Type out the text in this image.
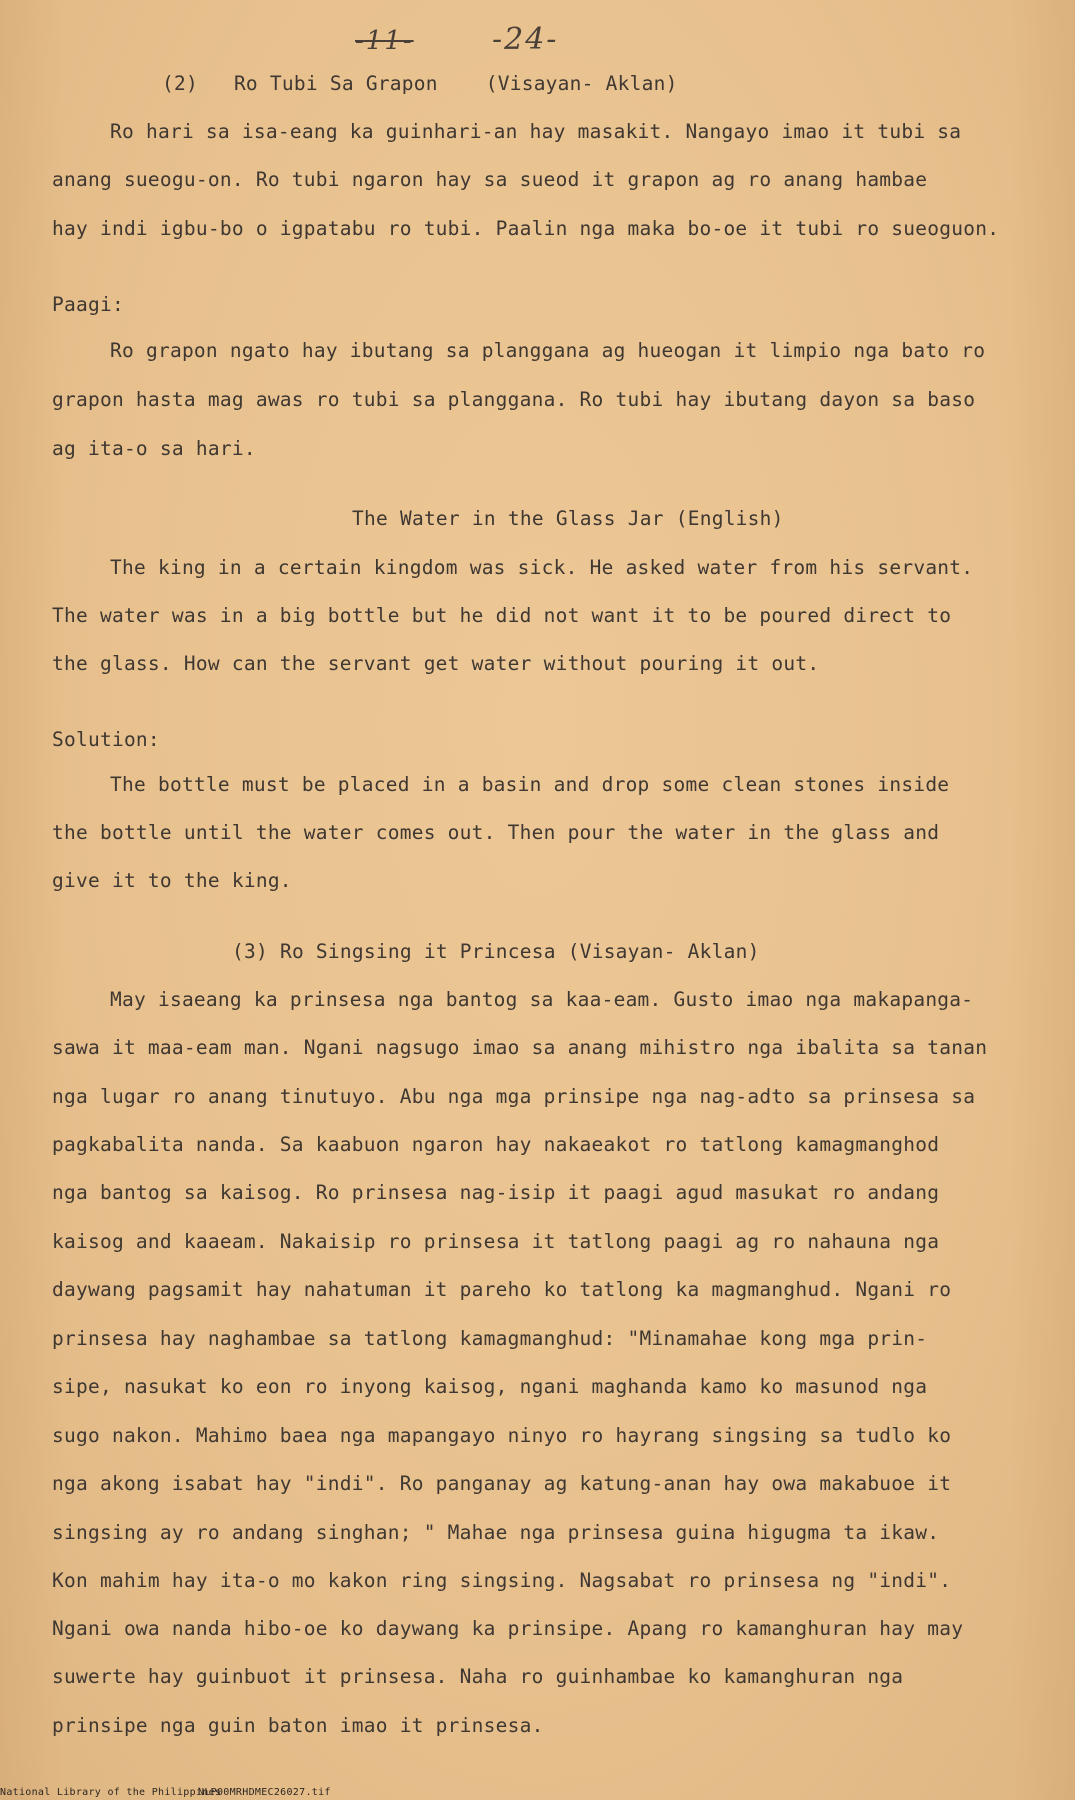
-11-	-24-
(2)   Ro Tubi Sa Grapon    (Visayan- Aklan)
Ro hari sa isa-eang ka guinhari-an hay masakit. Nangayo imao it tubi sa
anang sueogu-on. Ro tubi ngaron hay sa sueod it grapon ag ro anang hambae
hay indi igbu-bo o igpatabu ro tubi. Paalin nga maka bo-oe it tubi ro sueoguon.
Paagi:
Ro grapon ngato hay ibutang sa planggana ag hueogan it limpio nga bato ro
grapon hasta mag awas ro tubi sa planggana. Ro tubi hay ibutang dayon sa baso
ag ita-o sa hari.
The Water in the Glass Jar (English)
The king in a certain kingdom was sick. He asked water from his servant.
The water was in a big bottle but he did not want it to be poured direct to
the glass. How can the servant get water without pouring it out.
Solution:
The bottle must be placed in a basin and drop some clean stones inside
the bottle until the water comes out. Then pour the water in the glass and
give it to the king.
(3) Ro Singsing it Princesa (Visayan- Aklan)
May isaeang ka prinsesa nga bantog sa kaa-eam. Gusto imao nga makapanga-
sawa it maa-eam man. Ngani nagsugo imao sa anang mihistro nga ibalita sa tanan
nga lugar ro anang tinutuyo. Abu nga mga prinsipe nga nag-adto sa prinsesa sa
pagkabalita nanda. Sa kaabuon ngaron hay nakaeakot ro tatlong kamagmanghod
nga bantog sa kaisog. Ro prinsesa nag-isip it paagi agud masukat ro andang
kaisog and kaaeam. Nakaisip ro prinsesa it tatlong paagi ag ro nahauna nga
daywang pagsamit hay nahatuman it pareho ko tatlong ka magmanghud. Ngani ro
prinsesa hay naghambae sa tatlong kamagmanghud: "Minamahae kong mga prin-
sipe, nasukat ko eon ro inyong kaisog, ngani maghanda kamo ko masunod nga
sugo nakon. Mahimo baea nga mapangayo ninyo ro hayrang singsing sa tudlo ko
nga akong isabat hay "indi". Ro panganay ag katung-anan hay owa makabuoe it
singsing ay ro andang singhan; " Mahae nga prinsesa guina higugma ta ikaw.
Kon mahim hay ita-o mo kakon ring singsing. Nagsabat ro prinsesa ng "indi".
Ngani owa nanda hibo-oe ko daywang ka prinsipe. Apang ro kamanghuran hay may
suwerte hay guinbuot it prinsesa. Naha ro guinhambae ko kamanghuran nga
prinsipe nga guin baton imao it prinsesa.
National Library of the Philippines
NLP00MRHDMEC26027.tif
